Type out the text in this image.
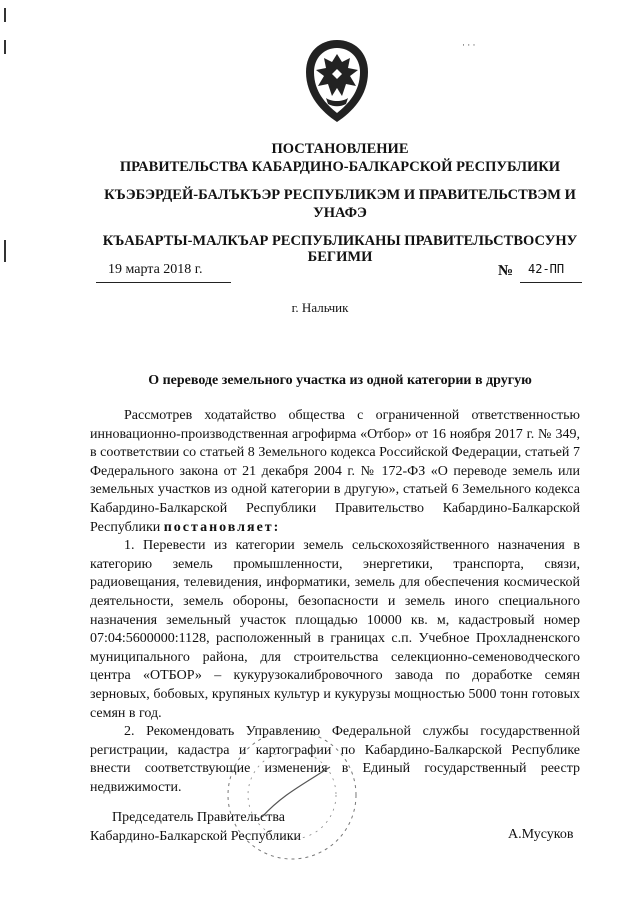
· · ·
ПОСТАНОВЛЕНИЕ
ПРАВИТЕЛЬСТВА КАБАРДИНО-БАЛКАРСКОЙ РЕСПУБЛИКИ
КЪЭБЭРДЕЙ-БАЛЪКЪЭР РЕСПУБЛИКЭМ И ПРАВИТЕЛЬСТВЭМ И
УНАФЭ
КЪАБАРТЫ-МАЛКЪАР РЕСПУБЛИКАНЫ ПРАВИТЕЛЬСТВОСУНУ
БЕГИМИ
19 марта 2018 г.	№ 42-ПП
г. Нальчик
О переводе земельного участка из одной категории в другую

Рассмотрев ходатайство общества с ограниченной ответственностью инновационно-производственная агрофирма «Отбор» от 16 ноября 2017 г. № 349, в соответствии со статьей 8 Земельного кодекса Российской Федерации, статьей 7 Федерального закона от 21 декабря 2004 г. № 172-ФЗ «О переводе земель или земельных участков из одной категории в другую», статьей 6 Земельного кодекса Кабардино-Балкарской Республики Правительство Кабардино-Балкарской Республики постановляет:

1. Перевести из категории земель сельскохозяйственного назначения в категорию земель промышленности, энергетики, транспорта, связи, радиовещания, телевидения, информатики, земель для обеспечения космической деятельности, земель обороны, безопасности и земель иного специального назначения земельный участок площадью 10000 кв. м, кадастровый номер 07:04:5600000:1128, расположенный в границах с.п. Учебное Прохладненского муниципального района, для строительства селекционно-семеноводческого центра «ОТБОР» – кукурузокалибровочного завода по доработке семян зерновых, бобовых, крупяных культур и кукурузы мощностью 5000 тонн готовых семян в год.

2. Рекомендовать Управлению Федеральной службы государственной регистрации, кадастра и картографии по Кабардино-Балкарской Республике внести соответствующие изменения в Единый государственный реестр недвижимости.

Председатель Правительства
Кабардино-Балкарской Республики	А.Мусуков
